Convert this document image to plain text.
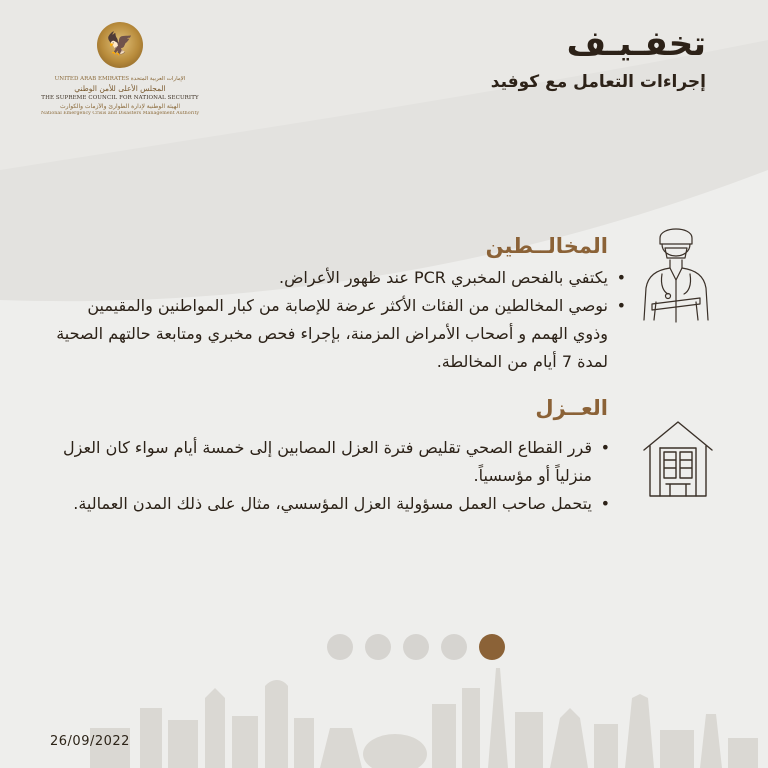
🦅
UNITED ARAB EMIRATES الإمارات العربية المتحدة
المجلس الأعلى للأمن الوطني
THE SUPREME COUNCIL FOR NATIONAL SECURITY
الهيئة الوطنية لإدارة الطوارئ والأزمات والكوارث
National Emergency Crisis and Disasters Management Authority
تخفـيـف
إجراءات التعامل مع كوفيد
المخالــطين
• يكتفي بالفحص المخبري PCR عند ظهور الأعراض.
• نوصي المخالطين من الفئات الأكثر عرضة للإصابة من كبار المواطنين والمقيمين وذوي الهمم و أصحاب الأمراض المزمنة، بإجراء فحص مخبري ومتابعة حالتهم الصحية لمدة 7 أيام من المخالطة.
العــزل
• قرر القطاع الصحي تقليص فترة العزل المصابين إلى خمسة أيام سواء كان العزل منزلياً أو مؤسسياً.
• يتحمل صاحب العمل مسؤولية العزل المؤسسي، مثال على ذلك المدن العمالية.
26/09/2022
